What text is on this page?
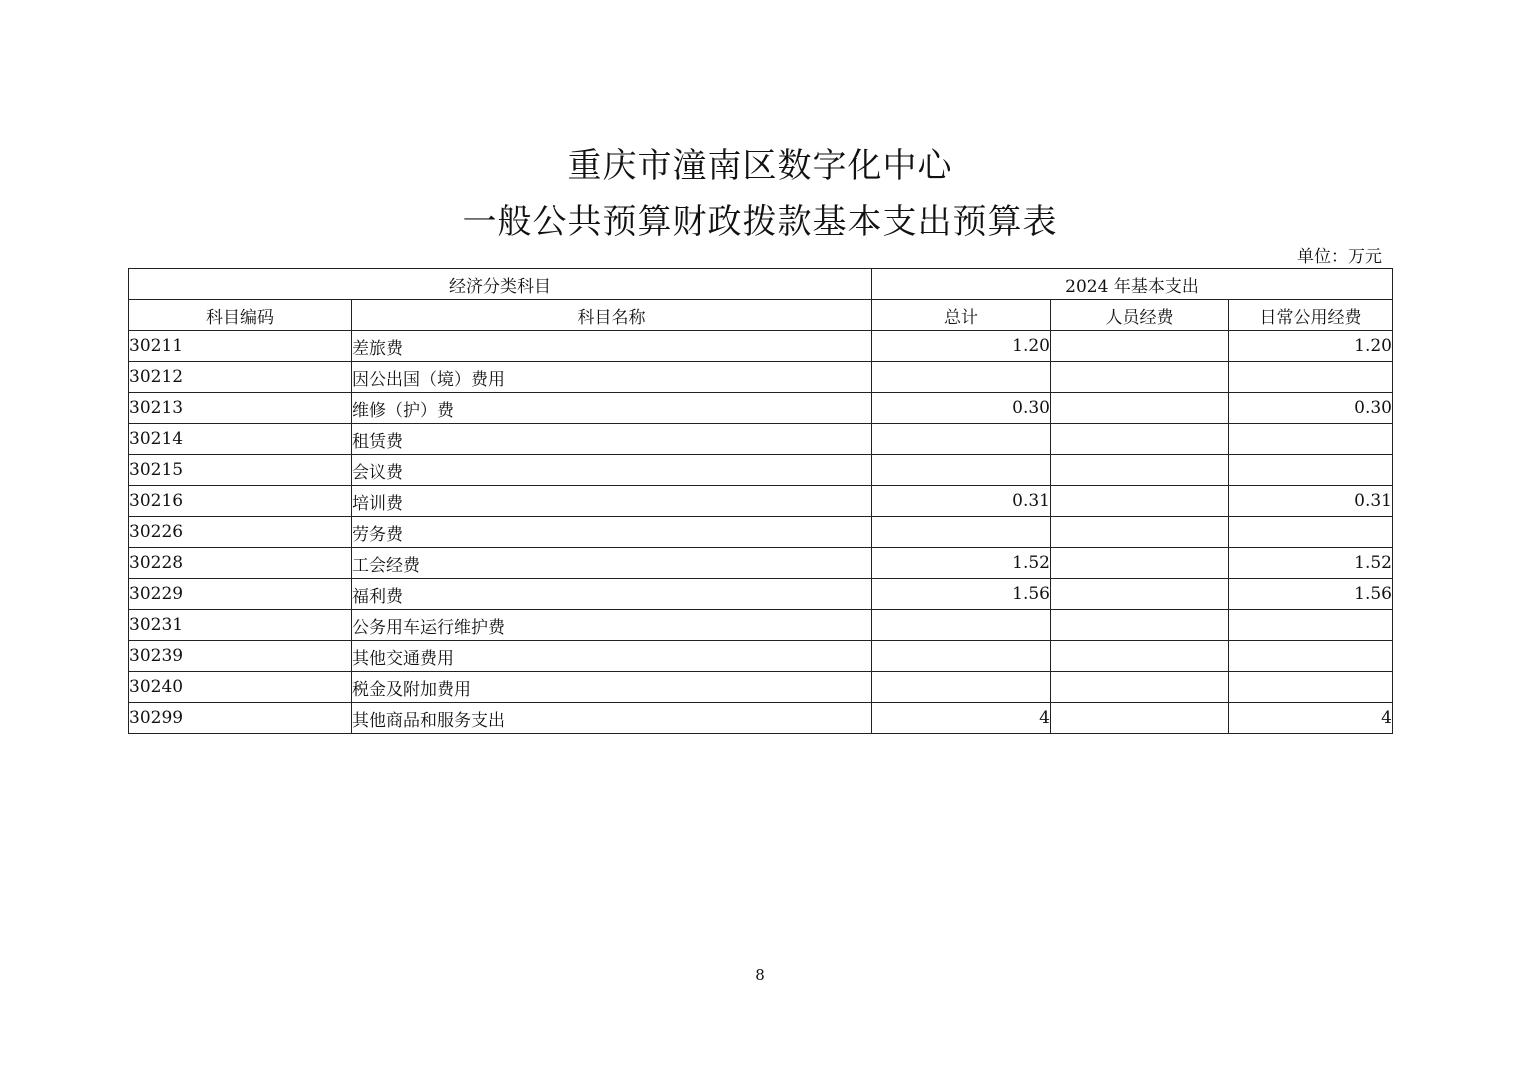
重庆市潼南区数字化中心
一般公共预算财政拨款基本支出预算表
单位：万元
经济分类科目		2024 年基本支出		
科目编码	科目名称	总计	人员经费	日常公用经费
30211	差旅费	1.20		1.20
30212	因公出国（境）费用			
30213	维修（护）费	0.30		0.30
30214	租赁费			
30215	会议费			
30216	培训费	0.31		0.31
30226	劳务费			
30228	工会经费	1.52		1.52
30229	福利费	1.56		1.56
30231	公务用车运行维护费			
30239	其他交通费用			
30240	税金及附加费用			
30299	其他商品和服务支出	4		4
8
